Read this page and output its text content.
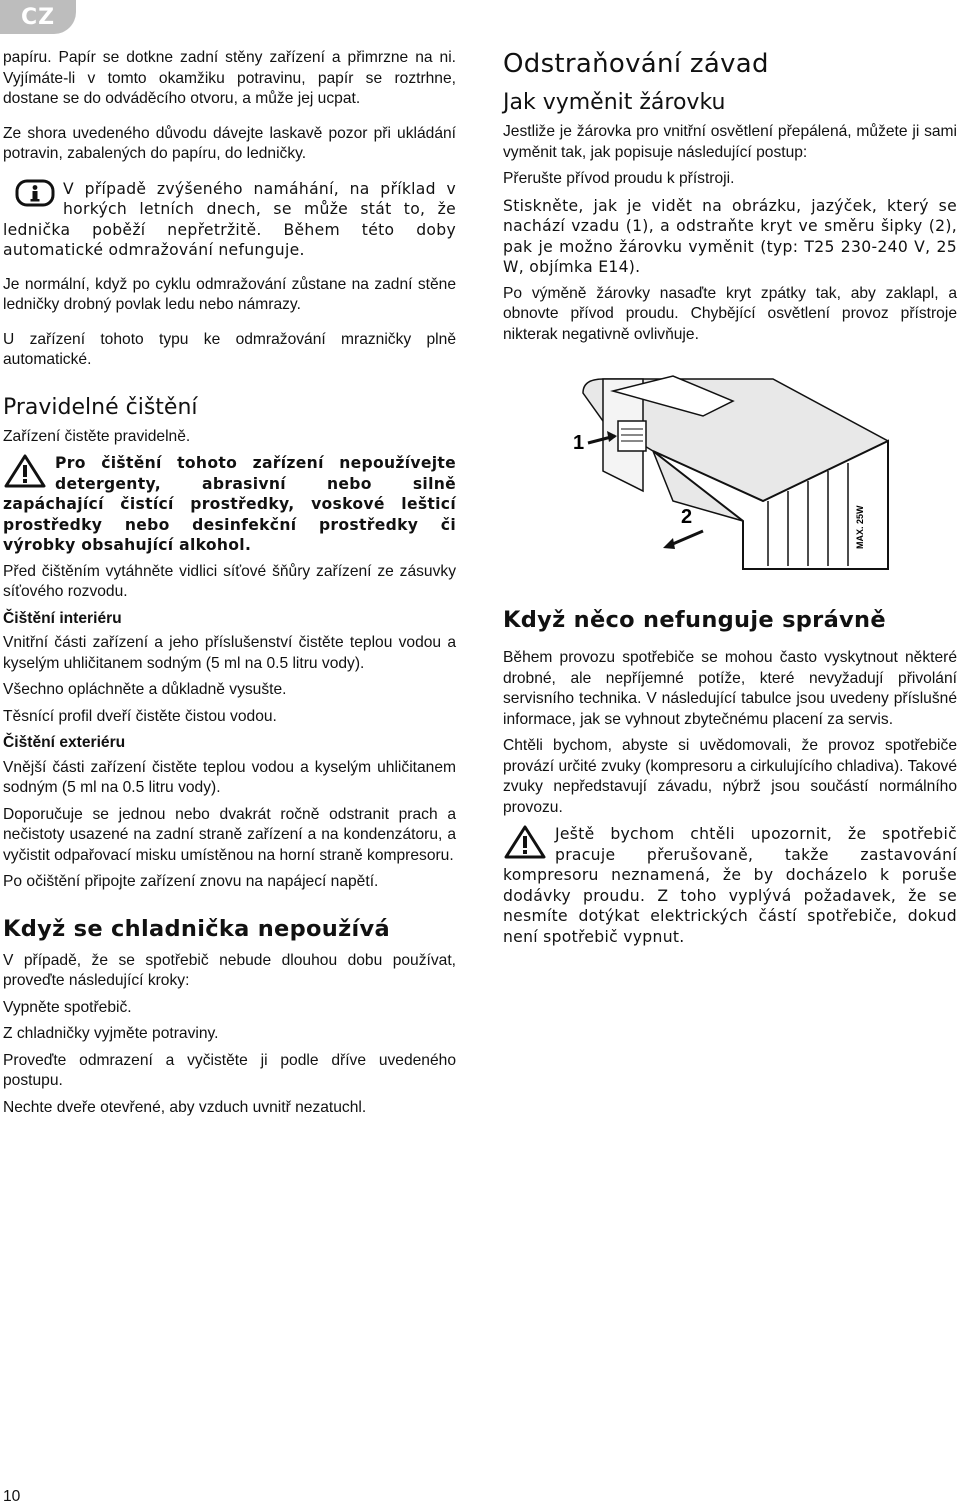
CZ

papíru. Papír se dotkne zadní stěny zařízení a přimrzne na ni. Vyjímáte-li v tomto okamžiku potravinu, papír se roztrhne, dostane se do odváděcího otvoru, a může jej ucpat.

Ze shora uvedeného důvodu dávejte laskavě pozor při ukládání potravin, zabalených do papíru, do ledničky.

V případě zvýšeného namáhání, na příklad v horkých letních dnech, se může stát to, že lednička poběží nepřetržitě. Během této doby automatické odmražování nefunguje.

Je normální, když po cyklu odmražování zůstane na zadní stěne ledničky drobný povlak ledu nebo námrazy.

U zařízení tohoto typu ke odmražování mrazničky plně automatické.

Pravidelné čištění

Zařízení čistěte pravidelně.

Pro čištění tohoto zařízení nepoužívejte detergenty, abrasivní nebo silně zapáchající čistící prostředky, voskové lešticí prostředky nebo desinfekční prostředky či výrobky obsahující alkohol.

Před čištěním vytáhněte vidlici síťové šňůry zařízení ze zásuvky síťového rozvodu.

Čištění interiéru

Vnitřní části zařízení a jeho příslušenství čistěte teplou vodou a kyselým uhličitanem sodným (5 ml na 0.5 litru vody).

Všechno opláchněte a důkladně vysušte.

Těsnící profil dveří čistěte čistou vodou.

Čištění exteriéru

Vnější části zařízení čistěte teplou vodou a kyselým uhličitanem sodným (5 ml na 0.5 litru vody).

Doporučuje se jednou nebo dvakrát ročně odstranit prach a nečistoty usazené na zadní straně zařízení a na kondenzátoru, a vyčistit odpařovací misku umístěnou na horní straně kompresoru.

Po očištění připojte zařízení znovu na napájecí napětí.

Když se chladnička nepoužívá

V případě, že se spotřebič nebude dlouhou dobu používat, proveďte následující kroky:

Vypněte spotřebič.

Z chladničky vyjměte potraviny.

Proveďte odmrazení a vyčistěte ji podle dříve uvedeného postupu.

Nechte dveře otevřené, aby vzduch uvnitř nezatuchl.

Odstraňování závad
Jak vyměnit žárovku

Jestliže je žárovka pro vnitřní osvětlení přepálená, můžete ji sami vyměnit tak, jak popisuje následující postup:

Přerušte přívod proudu k přístroji.

Stiskněte, jak je vidět na obrázku, jazýček, který se nachází vzadu (1), a odstraňte kryt ve směru šipky (2), pak je možno žárovku vyměnit (typ: T25 230-240 V, 25 W, objímka E14).

Po výměně žárovky nasaďte kryt zpátky tak, aby zaklapl, a obnovte přívod proudu. Chybějící osvětlení provoz přístroje nikterak negativně ovlivňuje.

1
2	MAX. 25W
Když něco nefunguje správně

Během provozu spotřebiče se mohou často vyskytnout některé drobné, ale nepříjemné potíže, které nevyžadují přivolání servisního technika. V následující tabulce jsou uvedeny příslušné informace, jak se vyhnout zbytečnému placení za servis.

Chtěli bychom, abyste si uvědomovali, že provoz spotřebiče provází určité zvuky (kompresoru a cirkulujícího chladiva). Takové zvuky nepředstavují závadu, nýbrž jsou součástí normálního provozu.

Ještě bychom chtěli upozornit, že spotřebič pracuje přerušovaně, takže zastavování kompresoru neznamená, že by docházelo k poruše dodávky proudu. Z toho vyplývá požadavek, že se nesmíte dotýkat elektrických částí spotřebiče, dokud není spotřebič vypnut.

10
